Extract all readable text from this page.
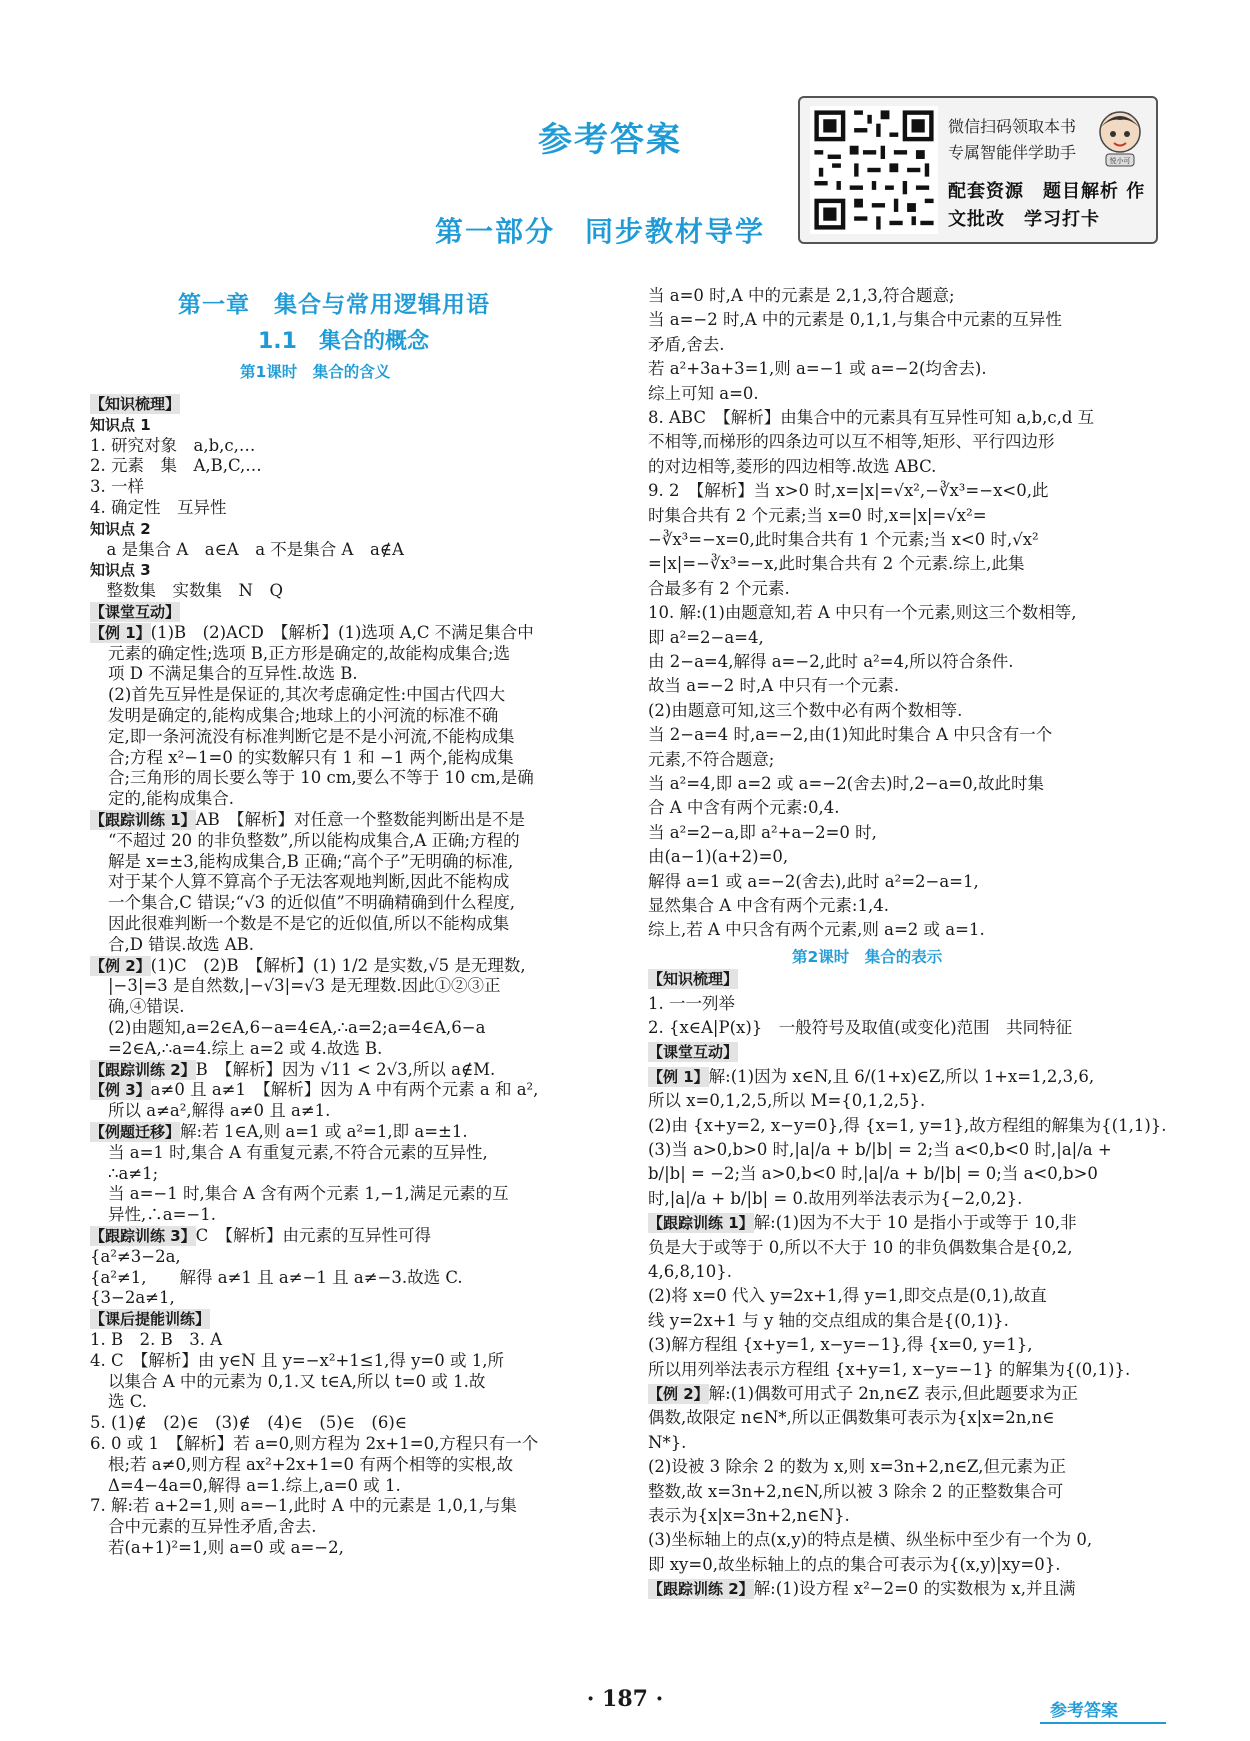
参考答案
第一部分　同步教材导学
微信扫码领取本书
专属智能伴学助手
配套资源　题目解析 作文批改　学习打卡
悦小可
第一章　集合与常用逻辑用语
1.1　集合的概念
第1课时　集合的含义
【知识梳理】
知识点 1
1. 研究对象　a,b,c,…
2. 元素　集　A,B,C,…
3. 一样
4. 确定性　互异性
知识点 2
　a 是集合 A　a∈A　a 不是集合 A　a∉A
知识点 3
　整数集　实数集　N　Q
【课堂互动】
【例 1】(1)B　(2)ACD　【解析】(1)选项 A,C 不满足集合中
元素的确定性;选项 B,正方形是确定的,故能构成集合;选
项 D 不满足集合的互异性.故选 B.
(2)首先互异性是保证的,其次考虑确定性:中国古代四大
发明是确定的,能构成集合;地球上的小河流的标准不确
定,即一条河流没有标准判断它是不是小河流,不能构成集
合;方程 x²−1=0 的实数解只有 1 和 −1 两个,能构成集
合;三角形的周长要么等于 10 cm,要么不等于 10 cm,是确
定的,能构成集合.
【跟踪训练 1】AB　【解析】对任意一个整数能判断出是不是
“不超过 20 的非负整数”,所以能构成集合,A 正确;方程的
解是 x=±3,能构成集合,B 正确;“高个子”无明确的标准,
对于某个人算不算高个子无法客观地判断,因此不能构成
一个集合,C 错误;“√3 的近似值”不明确精确到什么程度,
因此很难判断一个数是不是它的近似值,所以不能构成集
合,D 错误.故选 AB.
【例 2】(1)C　(2)B　【解析】(1) 1/2 是实数,√5 是无理数,
|−3|=3 是自然数,|−√3|=√3 是无理数.因此①②③正
确,④错误.
(2)由题知,a=2∈A,6−a=4∈A,∴a=2;a=4∈A,6−a
=2∈A,∴a=4.综上 a=2 或 4.故选 B.
【跟踪训练 2】B　【解析】因为 √11 < 2√3,所以 a∉M.
【例 3】a≠0 且 a≠1　【解析】因为 A 中有两个元素 a 和 a²,
所以 a≠a²,解得 a≠0 且 a≠1.
【例题迁移】解:若 1∈A,则 a=1 或 a²=1,即 a=±1.
当 a=1 时,集合 A 有重复元素,不符合元素的互异性,
∴a≠1;
当 a=−1 时,集合 A 含有两个元素 1,−1,满足元素的互
异性,∴a=−1.
【跟踪训练 3】C　【解析】由元素的互异性可得
{a²≠3−2a,
{a²≠1,　　解得 a≠1 且 a≠−1 且 a≠−3.故选 C.
{3−2a≠1,
【课后提能训练】
1. B　2. B　3. A
4. C　【解析】由 y∈N 且 y=−x²+1≤1,得 y=0 或 1,所
以集合 A 中的元素为 0,1.又 t∈A,所以 t=0 或 1.故
选 C.
5. (1)∉　(2)∈　(3)∉　(4)∈　(5)∈　(6)∈
6. 0 或 1　【解析】若 a=0,则方程为 2x+1=0,方程只有一个
根;若 a≠0,则方程 ax²+2x+1=0 有两个相等的实根,故
Δ=4−4a=0,解得 a=1.综上,a=0 或 1.
7. 解:若 a+2=1,则 a=−1,此时 A 中的元素是 1,0,1,与集
合中元素的互异性矛盾,舍去.
若(a+1)²=1,则 a=0 或 a=−2,
当 a=0 时,A 中的元素是 2,1,3,符合题意;
当 a=−2 时,A 中的元素是 0,1,1,与集合中元素的互异性
矛盾,舍去.
若 a²+3a+3=1,则 a=−1 或 a=−2(均舍去).
综上可知 a=0.
8. ABC　【解析】由集合中的元素具有互异性可知 a,b,c,d 互
不相等,而梯形的四条边可以互不相等,矩形、平行四边形
的对边相等,菱形的四边相等.故选 ABC.
9. 2　【解析】当 x>0 时,x=|x|=√x²,−∛x³=−x<0,此
时集合共有 2 个元素;当 x=0 时,x=|x|=√x²=
−∛x³=−x=0,此时集合共有 1 个元素;当 x<0 时,√x²
=|x|=−∛x³=−x,此时集合共有 2 个元素.综上,此集
合最多有 2 个元素.
10. 解:(1)由题意知,若 A 中只有一个元素,则这三个数相等,
即 a²=2−a=4,
由 2−a=4,解得 a=−2,此时 a²=4,所以符合条件.
故当 a=−2 时,A 中只有一个元素.
(2)由题意可知,这三个数中必有两个数相等.
当 2−a=4 时,a=−2,由(1)知此时集合 A 中只含有一个
元素,不符合题意;
当 a²=4,即 a=2 或 a=−2(舍去)时,2−a=0,故此时集
合 A 中含有两个元素:0,4.
当 a²=2−a,即 a²+a−2=0 时,
由(a−1)(a+2)=0,
解得 a=1 或 a=−2(舍去),此时 a²=2−a=1,
显然集合 A 中含有两个元素:1,4.
综上,若 A 中只含有两个元素,则 a=2 或 a=1.
【知识梳理】
1. 一一列举
2. {x∈A|P(x)}　一般符号及取值(或变化)范围　共同特征
【课堂互动】
【例 1】解:(1)因为 x∈N,且 6/(1+x)∈Z,所以 1+x=1,2,3,6,
所以 x=0,1,2,5,所以 M={0,1,2,5}.
(2)由 {x+y=2, x−y=0},得 {x=1, y=1},故方程组的解集为{(1,1)}.
(3)当 a>0,b>0 时,|a|/a + b/|b| = 2;当 a<0,b<0 时,|a|/a +
b/|b| = −2;当 a>0,b<0 时,|a|/a + b/|b| = 0;当 a<0,b>0
时,|a|/a + b/|b| = 0.故用列举法表示为{−2,0,2}.
【跟踪训练 1】解:(1)因为不大于 10 是指小于或等于 10,非
负是大于或等于 0,所以不大于 10 的非负偶数集合是{0,2,
4,6,8,10}.
(2)将 x=0 代入 y=2x+1,得 y=1,即交点是(0,1),故直
线 y=2x+1 与 y 轴的交点组成的集合是{(0,1)}.
(3)解方程组 {x+y=1, x−y=−1},得 {x=0, y=1},
所以用列举法表示方程组 {x+y=1, x−y=−1} 的解集为{(0,1)}.
【例 2】解:(1)偶数可用式子 2n,n∈Z 表示,但此题要求为正
偶数,故限定 n∈N*,所以正偶数集可表示为{x|x=2n,n∈
N*}.
(2)设被 3 除余 2 的数为 x,则 x=3n+2,n∈Z,但元素为正
整数,故 x=3n+2,n∈N,所以被 3 除余 2 的正整数集合可
表示为{x|x=3n+2,n∈N}.
(3)坐标轴上的点(x,y)的特点是横、纵坐标中至少有一个为 0,
即 xy=0,故坐标轴上的点的集合可表示为{(x,y)|xy=0}.
【跟踪训练 2】解:(1)设方程 x²−2=0 的实数根为 x,并且满
· 187 ·	参考答案
第2课时　集合的表示
